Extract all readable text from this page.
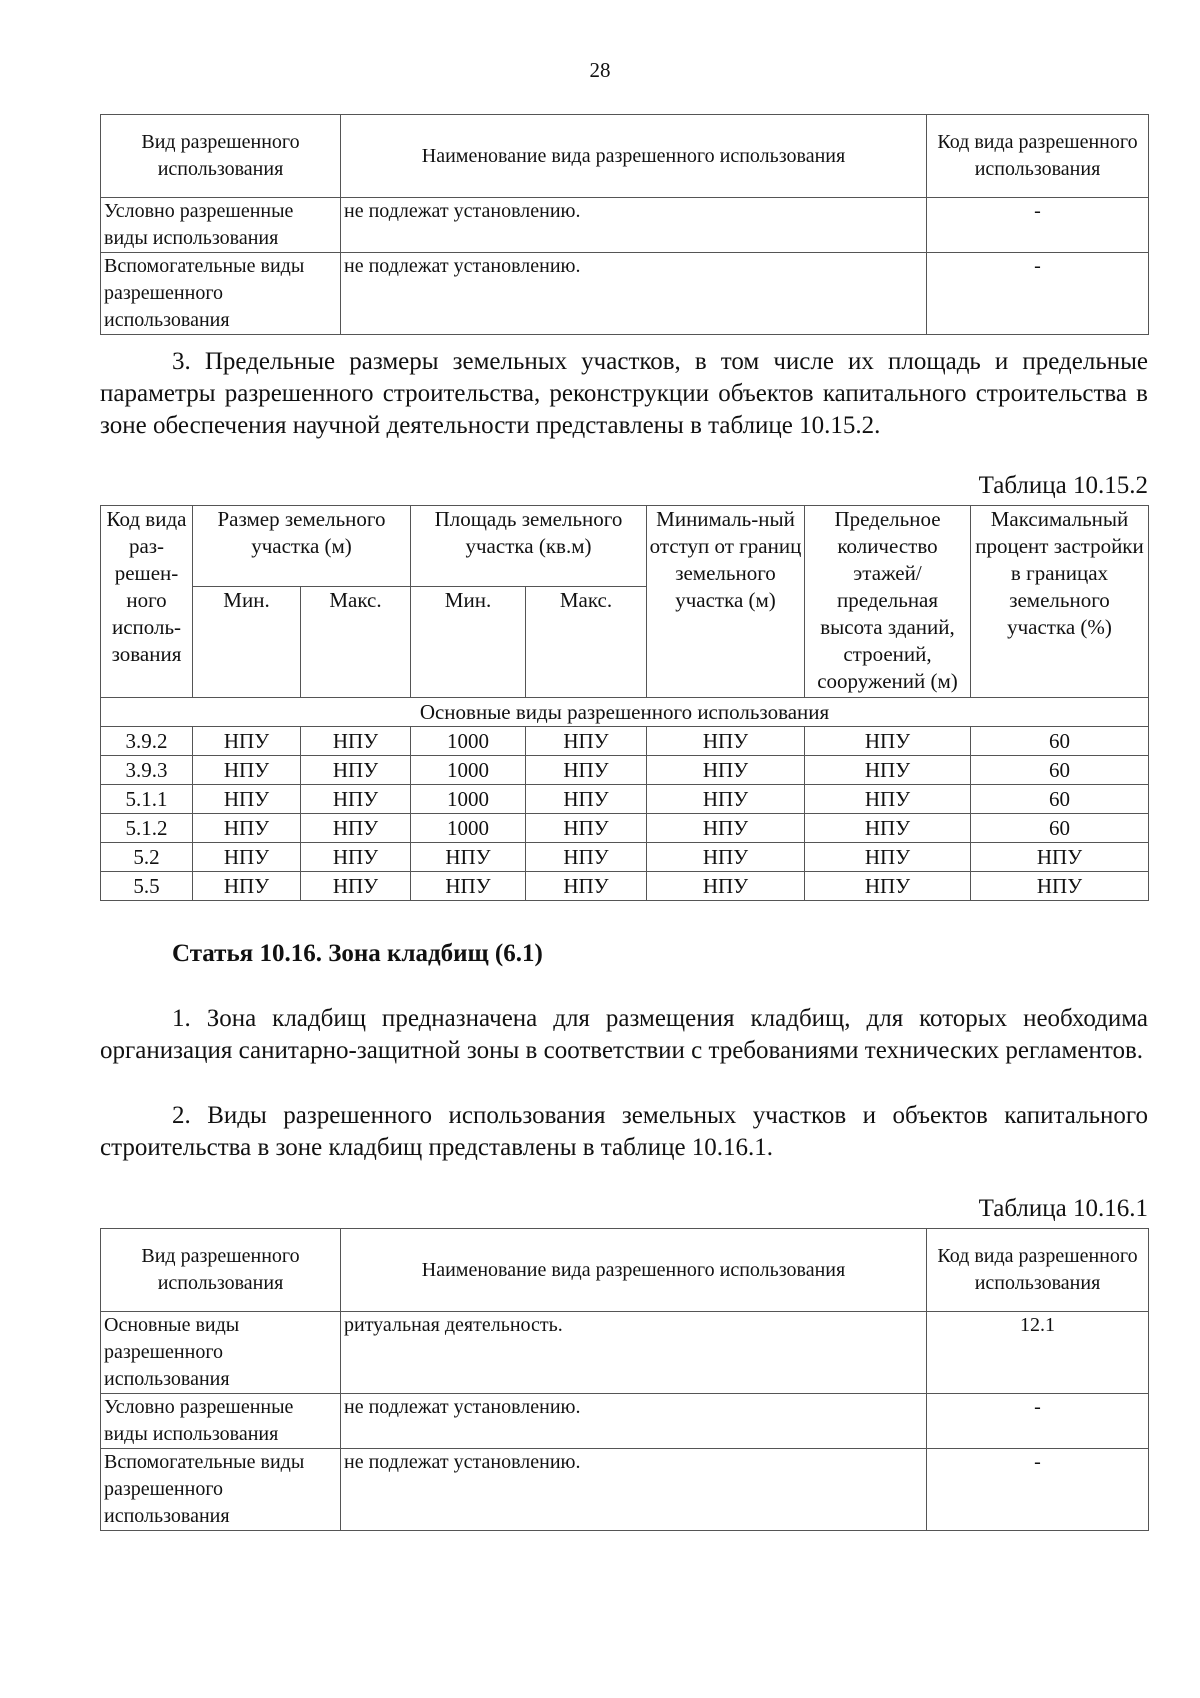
28
Вид разрешенного использования	Наименование вида разрешенного использования	Код вида разрешенного использования
Условно разрешенные виды использования	не подлежат установлению.	-
Вспомогательные виды разрешенного использования	не подлежат установлению.	-

3. Предельные размеры земельных участков, в том числе их площадь и предельные параметры разрешенного строительства, реконструкции объектов капитального строительства в зоне обеспечения научной деятельности представлены в таблице 10.15.2.

Таблица 10.15.2
Код вида раз-решен-ного исполь-зования	Размер земельного участка (м)		Площадь земельного участка (кв.м)		Минималь-ный отступ от границ земельного участка (м)	Предельное количество этажей/ предельная высота зданий, строений, сооружений (м)	Максимальный процент застройки в границах земельного участка (%)
	Мин.	Макс.	Мин.	Макс.			
Основные виды разрешенного использования							
3.9.2	НПУ	НПУ	1000	НПУ	НПУ	НПУ	60
3.9.3	НПУ	НПУ	1000	НПУ	НПУ	НПУ	60
5.1.1	НПУ	НПУ	1000	НПУ	НПУ	НПУ	60
5.1.2	НПУ	НПУ	1000	НПУ	НПУ	НПУ	60
5.2	НПУ	НПУ	НПУ	НПУ	НПУ	НПУ	НПУ
5.5	НПУ	НПУ	НПУ	НПУ	НПУ	НПУ	НПУ
Статья 10.16. Зона кладбищ (6.1)

1. Зона кладбищ предназначена для размещения кладбищ, для которых необходима организация санитарно-защитной зоны в соответствии с требованиями технических регламентов.

2. Виды разрешенного использования земельных участков и объектов капитального строительства в зоне кладбищ представлены в таблице 10.16.1.

Таблица 10.16.1
Вид разрешенного использования	Наименование вида разрешенного использования	Код вида разрешенного использования
Основные виды разрешенного использования	ритуальная деятельность.	12.1
Условно разрешенные виды использования	не подлежат установлению.	-
Вспомогательные виды разрешенного использования	не подлежат установлению.	-
